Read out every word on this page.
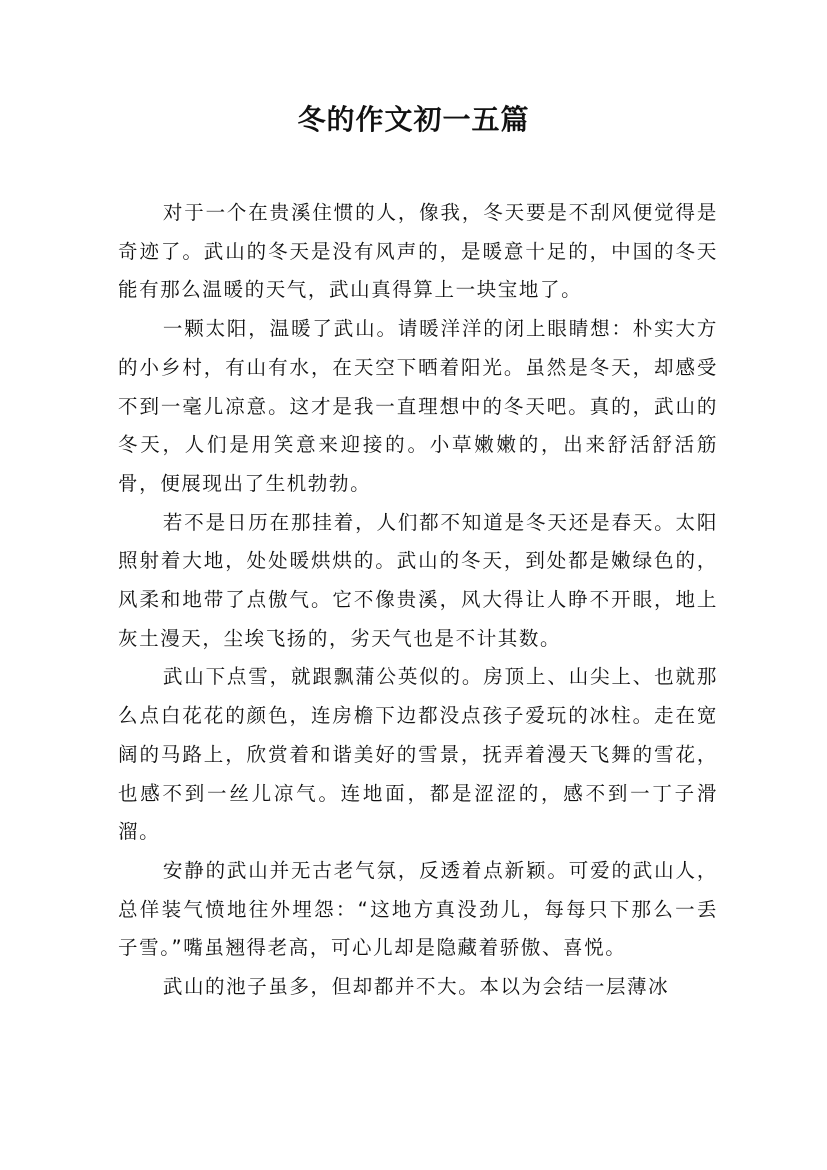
冬的作文初一五篇

对于一个在贵溪住惯的人，像我，冬天要是不刮风便觉得是奇迹了。武山的冬天是没有风声的，是暖意十足的，中国的冬天能有那么温暖的天气，武山真得算上一块宝地了。

一颗太阳，温暖了武山。请暖洋洋的闭上眼睛想：朴实大方的小乡村，有山有水，在天空下晒着阳光。虽然是冬天，却感受不到一毫儿凉意。这才是我一直理想中的冬天吧。真的，武山的冬天，人们是用笑意来迎接的。小草嫩嫩的，出来舒活舒活筋骨，便展现出了生机勃勃。

若不是日历在那挂着，人们都不知道是冬天还是春天。太阳照射着大地，处处暖烘烘的。武山的冬天，到处都是嫩绿色的，风柔和地带了点傲气。它不像贵溪，风大得让人睁不开眼，地上灰土漫天，尘埃飞扬的，劣天气也是不计其数。

武山下点雪，就跟飘蒲公英似的。房顶上、山尖上、也就那么点白花花的颜色，连房檐下边都没点孩子爱玩的冰柱。走在宽阔的马路上，欣赏着和谐美好的雪景，抚弄着漫天飞舞的雪花，也感不到一丝儿凉气。连地面，都是涩涩的，感不到一丁子滑溜。

安静的武山并无古老气氛，反透着点新颖。可爱的武山人，总佯装气愤地往外埋怨：“这地方真没劲儿，每每只下那么一丢子雪。”嘴虽翘得老高，可心儿却是隐藏着骄傲、喜悦。

武山的池子虽多，但却都并不大。本以为会结一层薄冰
